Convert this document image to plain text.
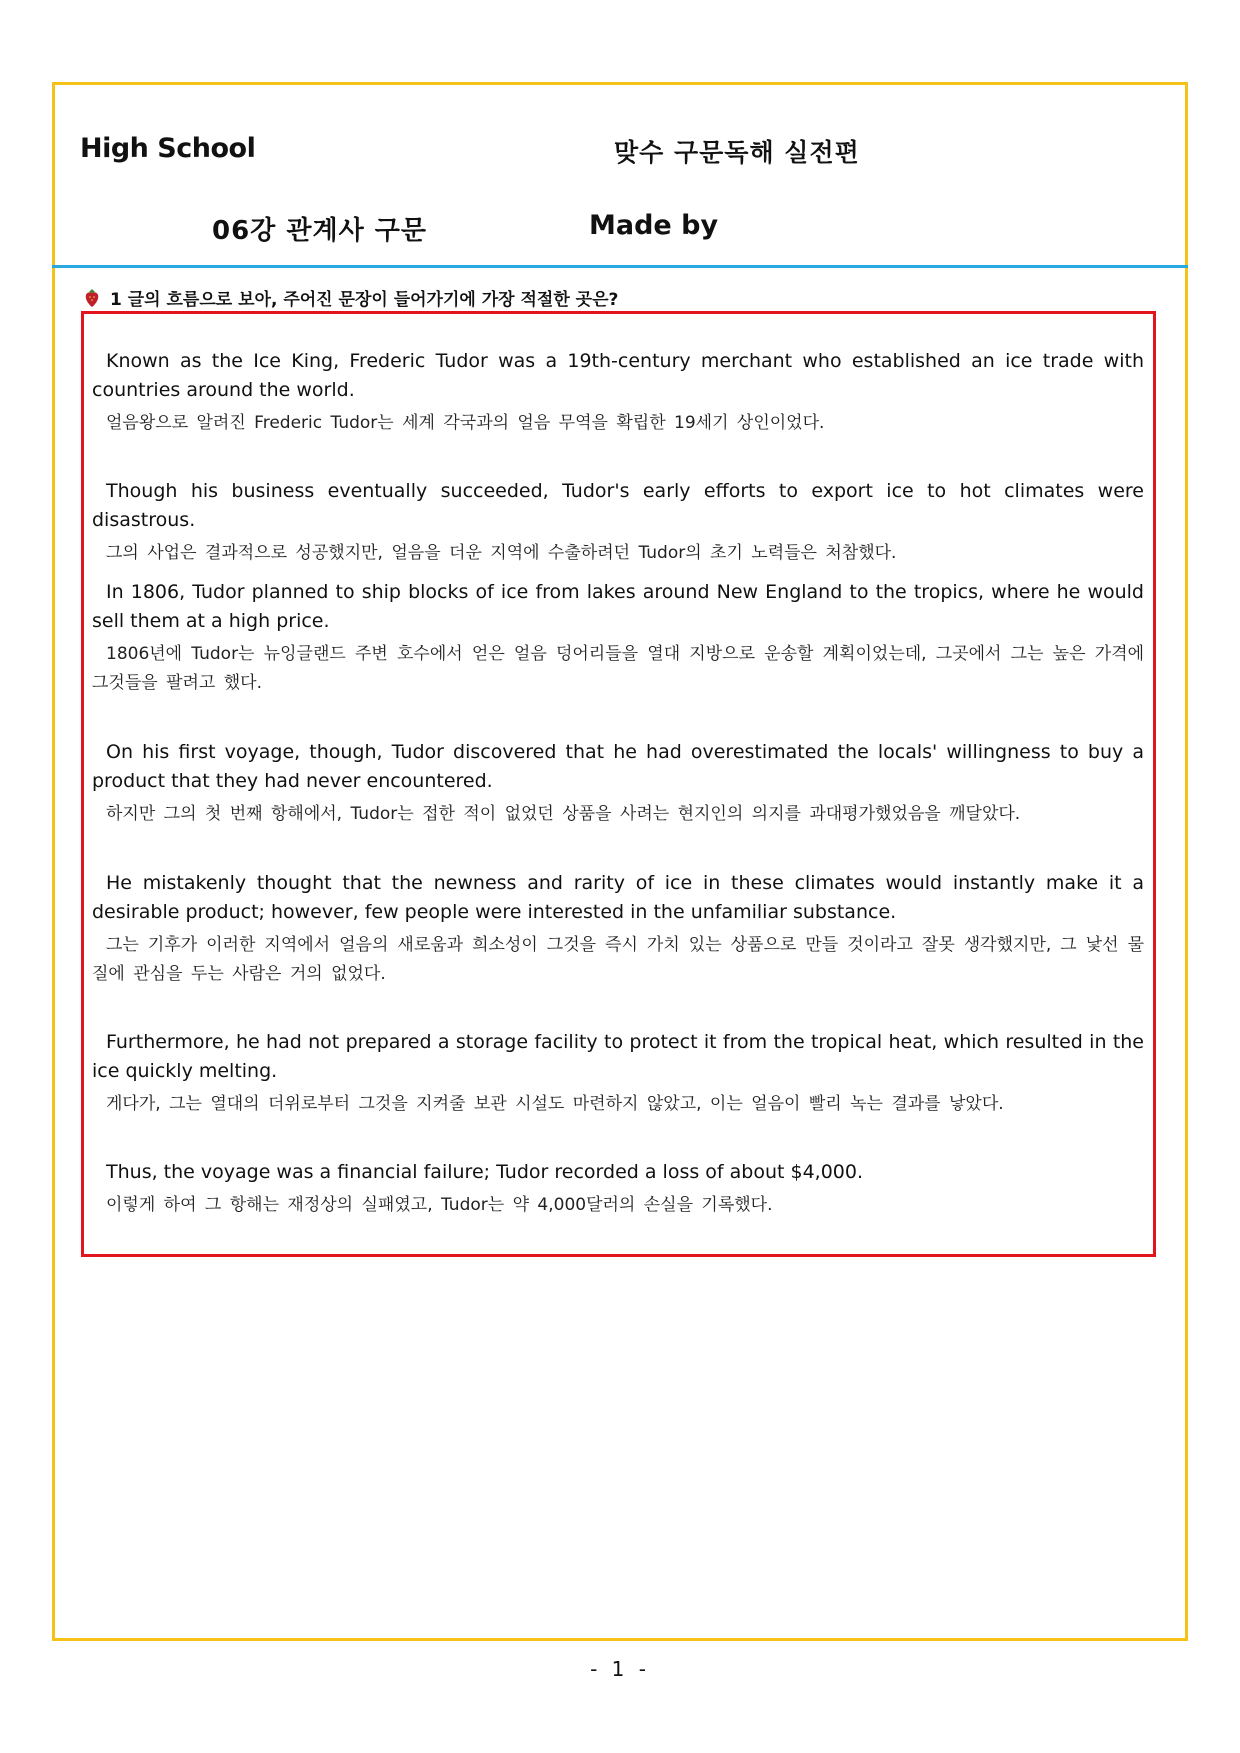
High School	맞수 구문독해 실전편
06강 관계사 구문	Made by
1 글의 흐름으로 보아, 주어진 문장이 들어가기에 가장 적절한 곳은?

Known as the Ice King, Frederic Tudor was a 19th-century merchant who established an ice trade with countries around the world.

얼음왕으로 알려진 Frederic Tudor는 세계 각국과의 얼음 무역을 확립한 19세기 상인이었다.

Though his business eventually succeeded, Tudor's early efforts to export ice to hot climates were disastrous.

그의 사업은 결과적으로 성공했지만, 얼음을 더운 지역에 수출하려던 Tudor의 초기 노력들은 처참했다.

In 1806, Tudor planned to ship blocks of ice from lakes around New England to the tropics, where he would sell them at a high price.

1806년에 Tudor는 뉴잉글랜드 주변 호수에서 얻은 얼음 덩어리들을 열대 지방으로 운송할 계획이었는데, 그곳에서 그는 높은 가격에 그것들을 팔려고 했다.

On his first voyage, though, Tudor discovered that he had overestimated the locals' willingness to buy a product that they had never encountered.

하지만 그의 첫 번째 항해에서, Tudor는 접한 적이 없었던 상품을 사려는 현지인의 의지를 과대평가했었음을 깨달았다.

He mistakenly thought that the newness and rarity of ice in these climates would instantly make it a desirable product; however, few people were interested in the unfamiliar substance.

그는 기후가 이러한 지역에서 얼음의 새로움과 희소성이 그것을 즉시 가치 있는 상품으로 만들 것이라고 잘못 생각했지만, 그 낯선 물질에 관심을 두는 사람은 거의 없었다.

Furthermore, he had not prepared a storage facility to protect it from the tropical heat, which resulted in the ice quickly melting.

게다가, 그는 열대의 더위로부터 그것을 지켜줄 보관 시설도 마련하지 않았고, 이는 얼음이 빨리 녹는 결과를 낳았다.

Thus, the voyage was a financial failure; Tudor recorded a loss of about $4,000.

이렇게 하여 그 항해는 재정상의 실패였고, Tudor는 약 4,000달러의 손실을 기록했다.

- 1 -
